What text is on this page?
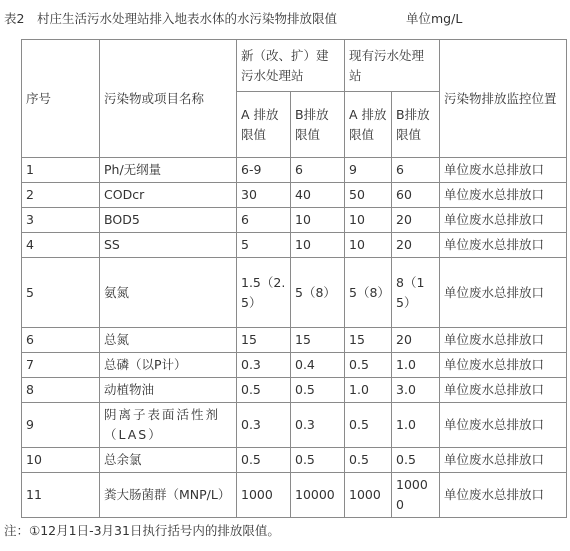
表2　村庄生活污水处理站排入地表水体的水污染物排放限值	单位mg/L
序号	污染物或项目名称	新（改、扩）建污水处理站		现有污水处理站		污染物排放监控位置
		A 排放限值	B排放限值	A 排放限值	B排放限值	
1	Ph/无纲量	6-9	6	9	6	单位废水总排放口
2	CODcr	30	40	50	60	单位废水总排放口
3	BOD5	6	10	10	20	单位废水总排放口
4	SS	5	10	10	20	单位废水总排放口
5	氨氮	1.5（2.5）	5（8）	5（8）	8（15）	单位废水总排放口
6	总氮	15	15	15	20	单位废水总排放口
7	总磷（以P计）	0.3	0.4	0.5	1.0	单位废水总排放口
8	动植物油	0.5	0.5	1.0	3.0	单位废水总排放口
9	阴离子表面活性剂（LAS）	0.3	0.3	0.5	1.0	单位废水总排放口
10	总余氯	0.5	0.5	0.5	0.5	单位废水总排放口
11	粪大肠菌群（MNP/L）	1000	10000	1000	10000	单位废水总排放口
注：①12月1日-3月31日执行括号内的排放限值。
